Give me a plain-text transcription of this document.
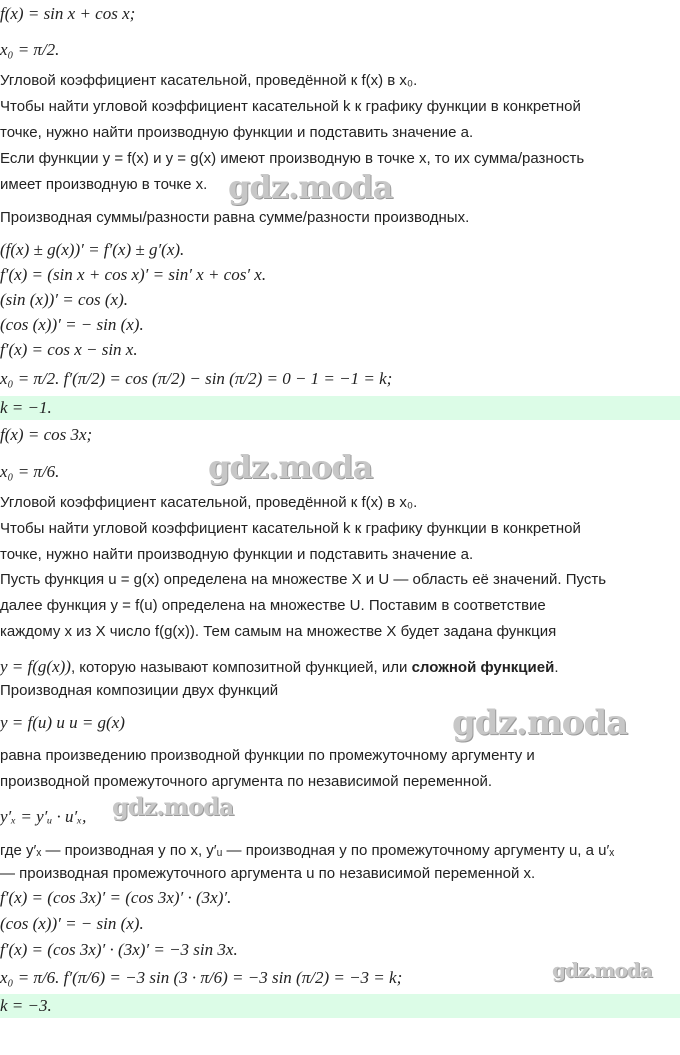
f(x) = sin x + cos x;
x₀ = π/2.
Угловой коэффициент касательной, проведённой к f(x) в x₀.
Чтобы найти угловой коэффициент касательной k к графику функции в конкретной
точке, нужно найти производную функции и подставить значение a.
Если функции y = f(x) и y = g(x) имеют производную в точке x, то их сумма/разность
имеет производную в точке x.
Производная суммы/разности равна сумме/разности производных.
(f(x) ± g(x))′ = f′(x) ± g′(x).
f′(x) = (sin x + cos x)′ = sin′ x + cos′ x.
(sin (x))′ = cos (x).
(cos (x))′ = − sin (x).
f′(x) = cos x − sin x.
x₀ = π/2. f′(π/2) = cos (π/2) − sin (π/2) = 0 − 1 = −1 = k;
k = −1.
f(x) = cos 3x;
x₀ = π/6.
Угловой коэффициент касательной, проведённой к f(x) в x₀.
Чтобы найти угловой коэффициент касательной k к графику функции в конкретной
точке, нужно найти производную функции и подставить значение a.
Пусть функция u = g(x) определена на множестве X и U — область её значений. Пусть
далее функция y = f(u) определена на множестве U. Поставим в соответствие
каждому x из X число f(g(x)). Тем самым на множестве X будет задана функция
y = f(g(x)), которую называют композитной функцией, или сложной функцией.
Производная композиции двух функций
y = f(u) и u = g(x)
равна произведению производной функции по промежуточному аргументу и
производной промежуточного аргумента по независимой переменной.
y′ₓ = y′ᵤ · u′ₓ,
где y′ₓ — производная y по x, y′ᵤ — производная y по промежуточному аргументу u, а u′ₓ
— производная промежуточного аргумента u по независимой переменной x.
f′(x) = (cos 3x)′ = (cos 3x)′ · (3x)′.
(cos (x))′ = − sin (x).
f′(x) = (cos 3x)′ · (3x)′ = −3 sin 3x.
x₀ = π/6. f′(π/6) = −3 sin (3 · π/6) = −3 sin (π/2) = −3 = k;
k = −3.
gdz.moda
gdz.moda
gdz.moda
gdz.moda
gdz.moda
